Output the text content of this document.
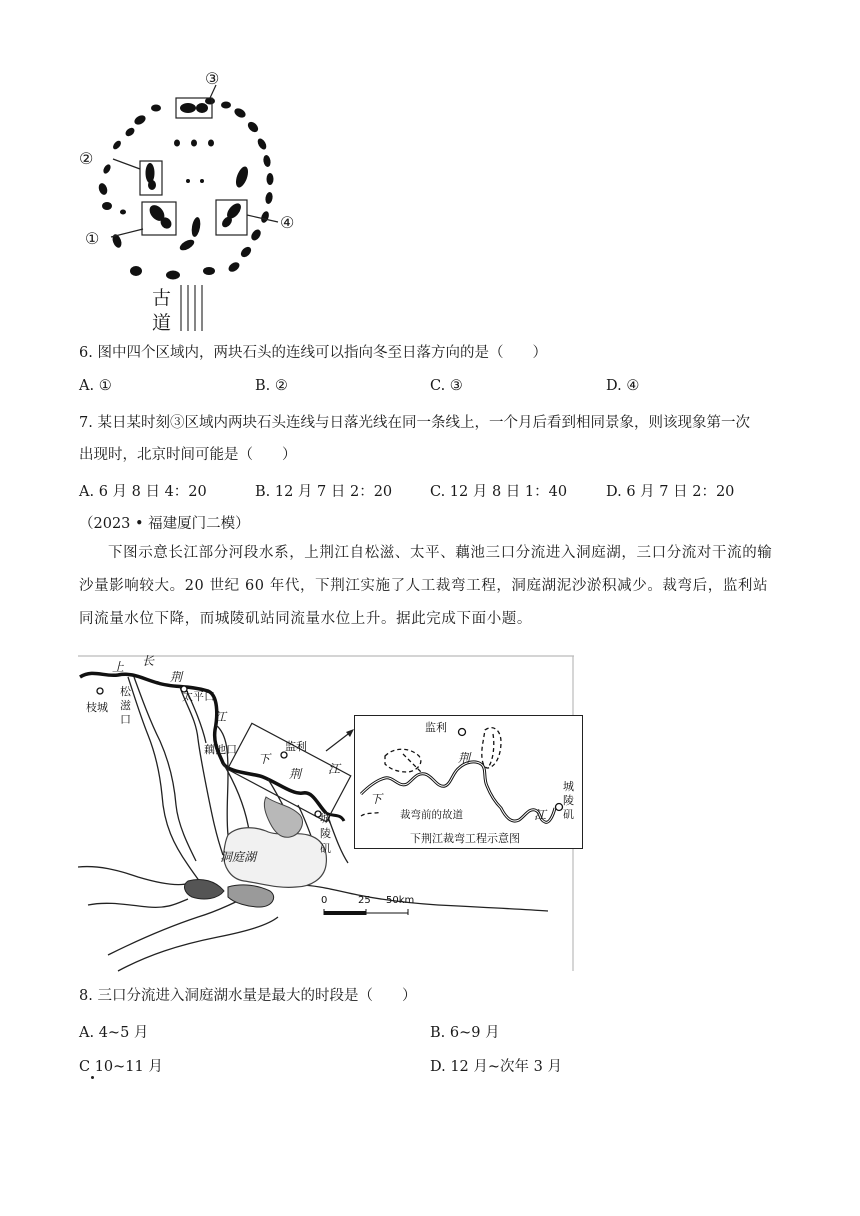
③
②
①
④
古
道
6. 图中四个区域内，两块石头的连线可以指向冬至日落方向的是（　　）
A. ①	B. ②	C. ③	D. ④
7. 某日某时刻③区域内两块石头连线与日落光线在同一条线上，一个月后看到相同景象，则该现象第一次
出现时，北京时间可能是（　　）
A. 6 月 8 日 4：20	B. 12 月 7 日 2：20	C. 12 月 8 日 1：40	D. 6 月 7 日 2：20
（2023 • 福建厦门二模）
下图示意长江部分河段水系，上荆江自松滋、太平、藕池三口分流进入洞庭湖，三口分流对干流的输沙量影响较大。20 世纪 60 年代，下荆江实施了人工裁弯工程，洞庭湖泥沙淤积减少。裁弯后，监利站同流量水位下降，而城陵矶站同流量水位上升。据此完成下面小题。
上 长
荆
枝城
松
滋
口
太平口
江
藕池口	监利
下
荆 江
洞庭湖
城
陵
矶
0	25 50km
监利
荆
下
江
城
陵
矶
裁弯前的故道
下荆江裁弯工程示意图
8. 三口分流进入洞庭湖水量是最大的时段是（　　）
A. 4~5 月	B. 6~9 月
C 10~11 月	D. 12 月~次年 3 月
